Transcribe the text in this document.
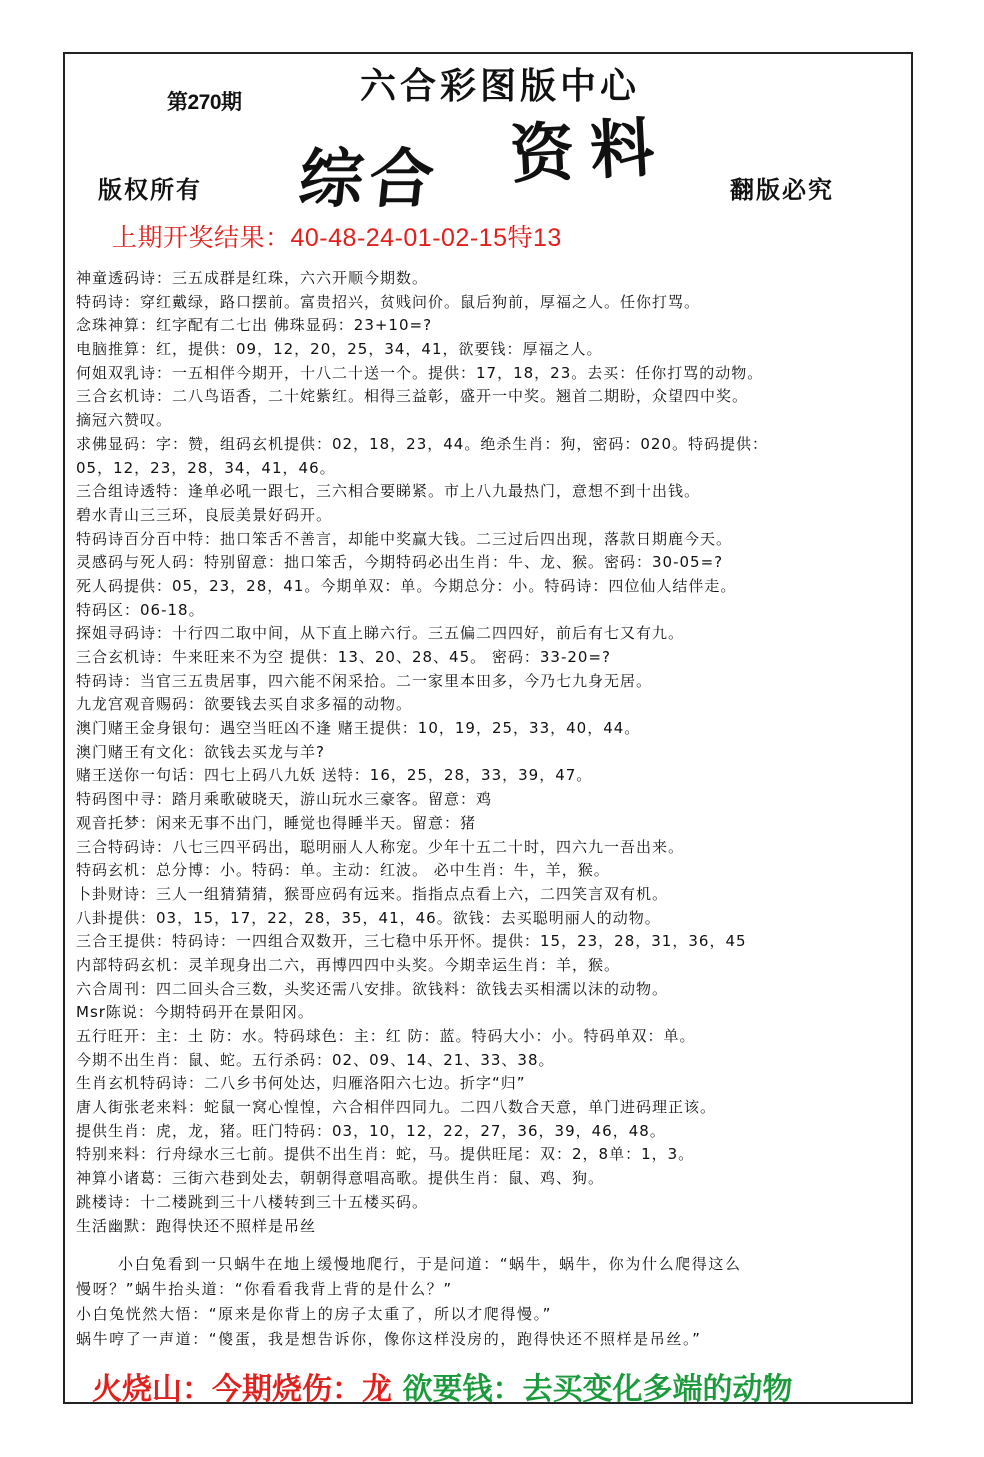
第270期	六合彩图版中心
综合 资料
版权所有	翻版必究
上期开奖结果：40-48-24-01-02-15特13
神童透码诗：三五成群是红珠，六六开顺今期数。
特码诗：穿红戴绿，路口摆前。富贵招兴，贫贱问价。鼠后狗前，厚福之人。任你打骂。
念珠神算：红字配有二七出 佛珠显码：23+10=?
电脑推算：红，提供：09，12，20，25，34，41，欲要钱：厚福之人。
何姐双乳诗：一五相伴今期开，十八二十送一个。提供：17，18，23。去买：任你打骂的动物。
三合玄机诗：二八鸟语香，二十姹紫红。相得三益彰，盛开一中奖。翘首二期盼，众望四中奖。
摘冠六赞叹。
求佛显码：字：赞，组码玄机提供：02，18，23，44。绝杀生肖：狗，密码：020。特码提供：
05，12，23，28，34，41，46。
三合组诗透特：逢单必吼一跟七，三六相合要睇紧。市上八九最热门，意想不到十出钱。
碧水青山三三环，良辰美景好码开。
特码诗百分百中特：拙口笨舌不善言，却能中奖赢大钱。二三过后四出现，落款日期鹿今天。
灵感码与死人码：特别留意：拙口笨舌，今期特码必出生肖：牛、龙、猴。密码：30-05=?
死人码提供：05，23，28，41。今期单双：单。今期总分：小。特码诗：四位仙人结伴走。
特码区：06-18。
探姐寻码诗：十行四二取中间，从下直上睇六行。三五偏二四四好，前后有七又有九。
三合玄机诗：牛来旺来不为空 提供：13、20、28、45。 密码：33-20=?
特码诗：当官三五贵居事，四六能不闲采拾。二一家里本田多，今乃七九身无居。
九龙宫观音赐码：欲要钱去买自求多福的动物。
澳门赌王金身银句：遇空当旺凶不逢 赌王提供：10，19，25，33，40，44。
澳门赌王有文化：欲钱去买龙与羊?
赌王送你一句话：四七上码八九妖 送特：16，25，28，33，39，47。
特码图中寻：踏月乘歌破晓天，游山玩水三豪客。留意：鸡
观音托梦：闲来无事不出门，睡觉也得睡半天。留意：猪
三合特码诗：八七三四平码出，聪明丽人人称宠。少年十五二十时，四六九一吾出来。
特码玄机：总分博：小。特码：单。主动：红波。 必中生肖：牛，羊，猴。
卜卦财诗：三人一组猜猜猜，猴哥应码有远来。指指点点看上六，二四笑言双有机。
八卦提供：03，15，17，22，28，35，41，46。欲钱：去买聪明丽人的动物。
三合王提供：特码诗：一四组合双数开，三七稳中乐开怀。提供：15，23，28，31，36，45
内部特码玄机：灵羊现身出二六，再博四四中头奖。今期幸运生肖：羊，猴。
六合周刊：四二回头合三数，头奖还需八安排。欲钱料：欲钱去买相濡以沫的动物。
Msr陈说：今期特码开在景阳冈。
五行旺开：主：土 防：水。特码球色：主：红 防：蓝。特码大小：小。特码单双：单。
今期不出生肖：鼠、蛇。五行杀码：02、09、14、21、33、38。
生肖玄机特码诗：二八乡书何处达，归雁洛阳六七边。折字“归”
唐人街张老来料：蛇鼠一窝心惶惶，六合相伴四同九。二四八数合天意，单门进码理正该。
提供生肖：虎，龙，猪。旺门特码：03，10，12，22，27，36，39，46，48。
特别来料：行舟绿水三七前。提供不出生肖：蛇，马。提供旺尾：双：2，8单：1，3。
神算小诸葛：三街六巷到处去，朝朝得意唱高歌。提供生肖：鼠、鸡、狗。
跳楼诗：十二楼跳到三十八楼转到三十五楼买码。
生活幽默：跑得快还不照样是吊丝
小白兔看到一只蜗牛在地上缓慢地爬行，于是问道：“蜗牛，蜗牛，你为什么爬得这么
慢呀？”蜗牛抬头道：“你看看我背上背的是什么？”
小白兔恍然大悟：“原来是你背上的房子太重了，所以才爬得慢。”
蜗牛哼了一声道：“傻蛋，我是想告诉你，像你这样没房的，跑得快还不照样是吊丝。”
火烧山：今期烧伤：龙 欲要钱：去买变化多端的动物
